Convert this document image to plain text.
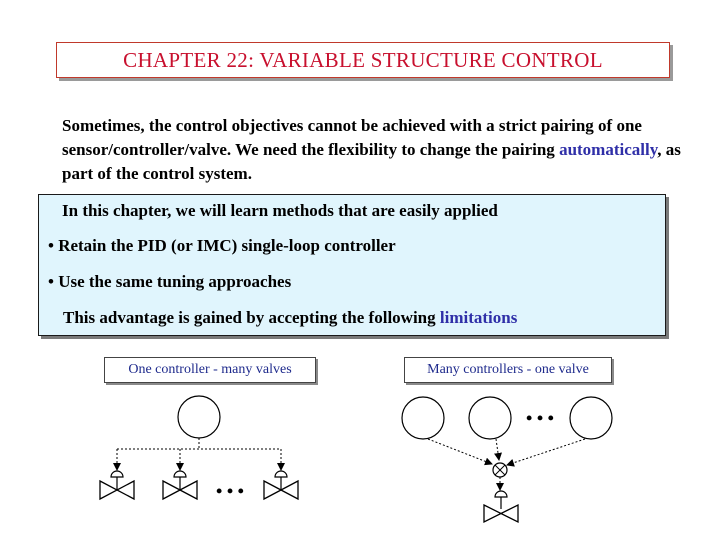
CHAPTER 22: VARIABLE STRUCTURE CONTROL
Sometimes, the control objectives cannot be achieved with a strict pairing of one sensor/controller/valve. We need the flexibility to change the pairing automatically, as part of the control system.
In this chapter, we will learn methods that are easily applied
• Retain the PID (or IMC) single-loop controller
• Use the same tuning approaches
This advantage is gained by accepting the following limitations
One controller - many valves	Many controllers - one valve
• • •
• • •
